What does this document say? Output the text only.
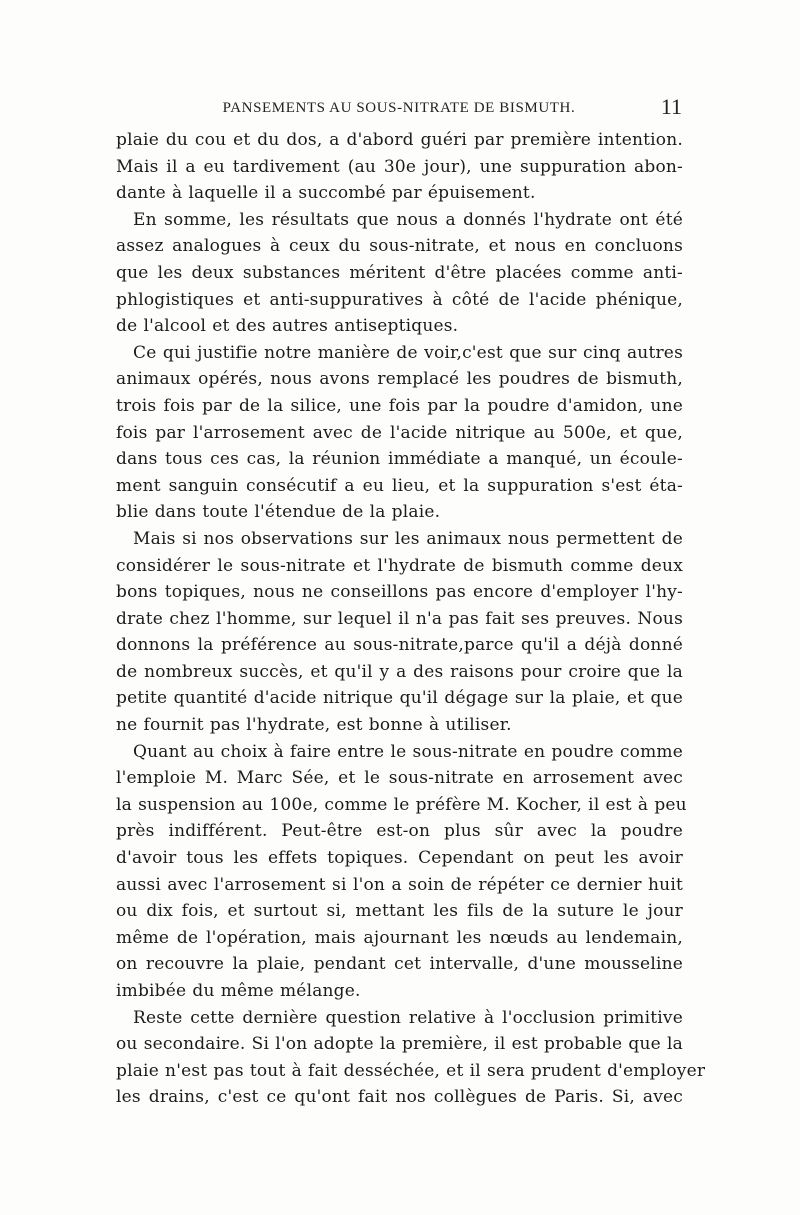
PANSEMENTS AU SOUS-NITRATE DE BISMUTH.	11
plaie du cou et du dos, a d'abord guéri par première intention.
Mais il a eu tardivement (au 30e jour), une suppuration abon-
dante à laquelle il a succombé par épuisement.
En somme, les résultats que nous a donnés l'hydrate ont été
assez analogues à ceux du sous-nitrate, et nous en concluons
que les deux substances méritent d'être placées comme anti-
phlogistiques et anti-suppuratives à côté de l'acide phénique,
de l'alcool et des autres antiseptiques.
Ce qui justifie notre manière de voir,c'est que sur cinq autres
animaux opérés, nous avons remplacé les poudres de bismuth,
trois fois par de la silice, une fois par la poudre d'amidon, une
fois par l'arrosement avec de l'acide nitrique au 500e, et que,
dans tous ces cas, la réunion immédiate a manqué, un écoule-
ment sanguin consécutif a eu lieu, et la suppuration s'est éta-
blie dans toute l'étendue de la plaie.
Mais si nos observations sur les animaux nous permettent de
considérer le sous-nitrate et l'hydrate de bismuth comme deux
bons topiques, nous ne conseillons pas encore d'employer l'hy-
drate chez l'homme, sur lequel il n'a pas fait ses preuves. Nous
donnons la préférence au sous-nitrate,parce qu'il a déjà donné
de nombreux succès, et qu'il y a des raisons pour croire que la
petite quantité d'acide nitrique qu'il dégage sur la plaie, et que
ne fournit pas l'hydrate, est bonne à utiliser.
Quant au choix à faire entre le sous-nitrate en poudre comme
l'emploie M. Marc Sée, et le sous-nitrate en arrosement avec
la suspension au 100e, comme le préfère M. Kocher, il est à peu
près indifférent. Peut-être est-on plus sûr avec la poudre
d'avoir tous les effets topiques. Cependant on peut les avoir
aussi avec l'arrosement si l'on a soin de répéter ce dernier huit
ou dix fois, et surtout si, mettant les fils de la suture le jour
même de l'opération, mais ajournant les nœuds au lendemain,
on recouvre la plaie, pendant cet intervalle, d'une mousseline
imbibée du même mélange.
Reste cette dernière question relative à l'occlusion primitive
ou secondaire. Si l'on adopte la première, il est probable que la
plaie n'est pas tout à fait desséchée, et il sera prudent d'employer
les drains, c'est ce qu'ont fait nos collègues de Paris. Si, avec
